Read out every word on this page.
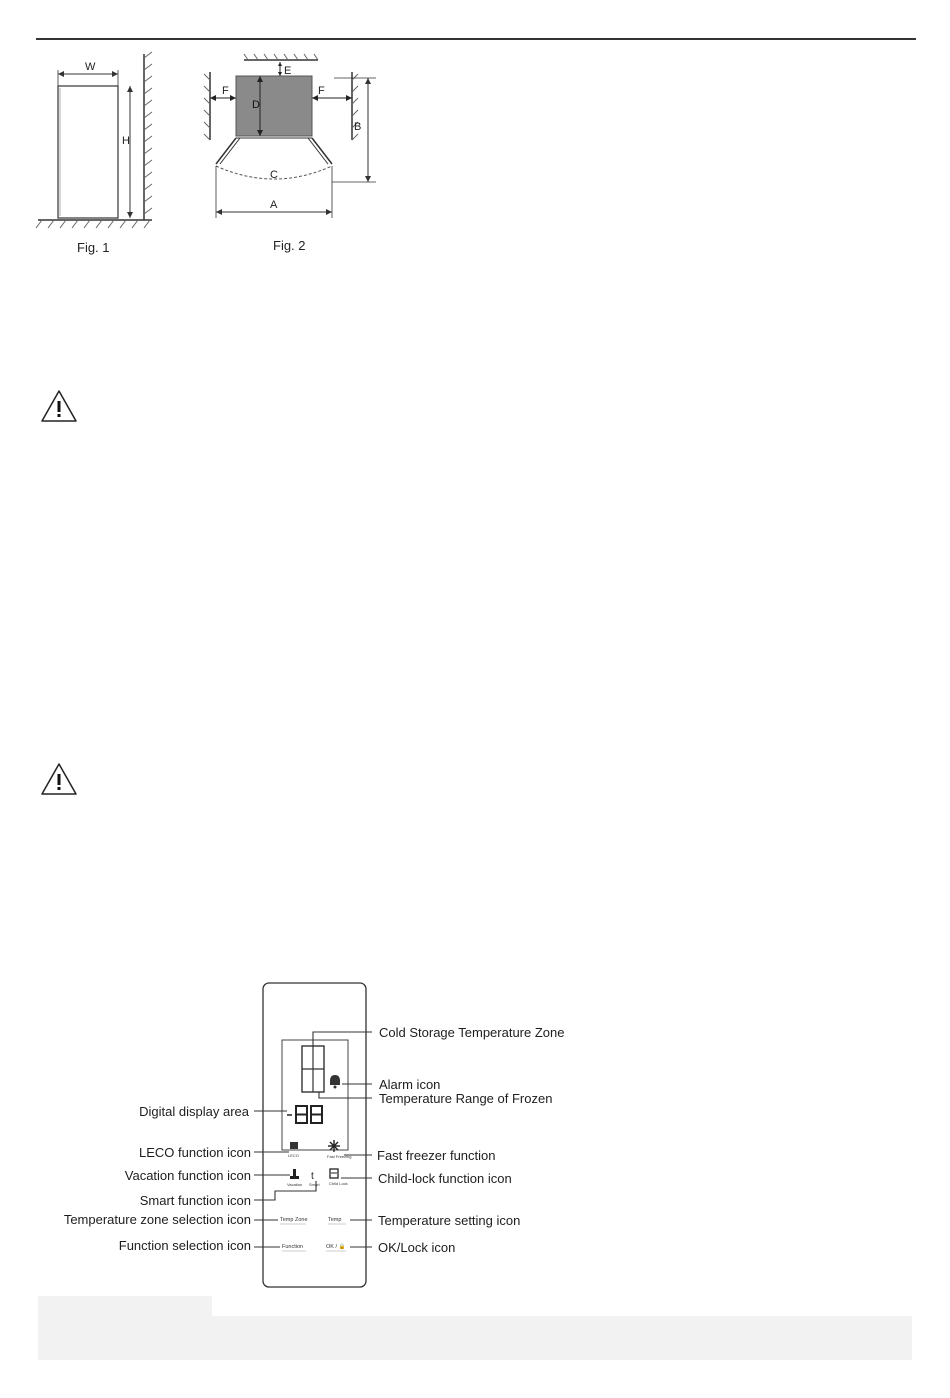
W
H
Fig. 1
C
D
E
F	F
B
A
Fig. 2
LECO	Fast Freezing
Vacation
t
Smart Child Lock
Temp Zone	Temp
Function	OK / 🔒
Cold Storage Temperature Zone
Alarm icon
Temperature Range of Frozen
Fast freezer function
Child-lock function icon
Temperature setting icon
OK/Lock icon
Digital display area
LECO function icon
Vacation function icon
Smart function icon
Temperature zone selection icon
Function selection icon
